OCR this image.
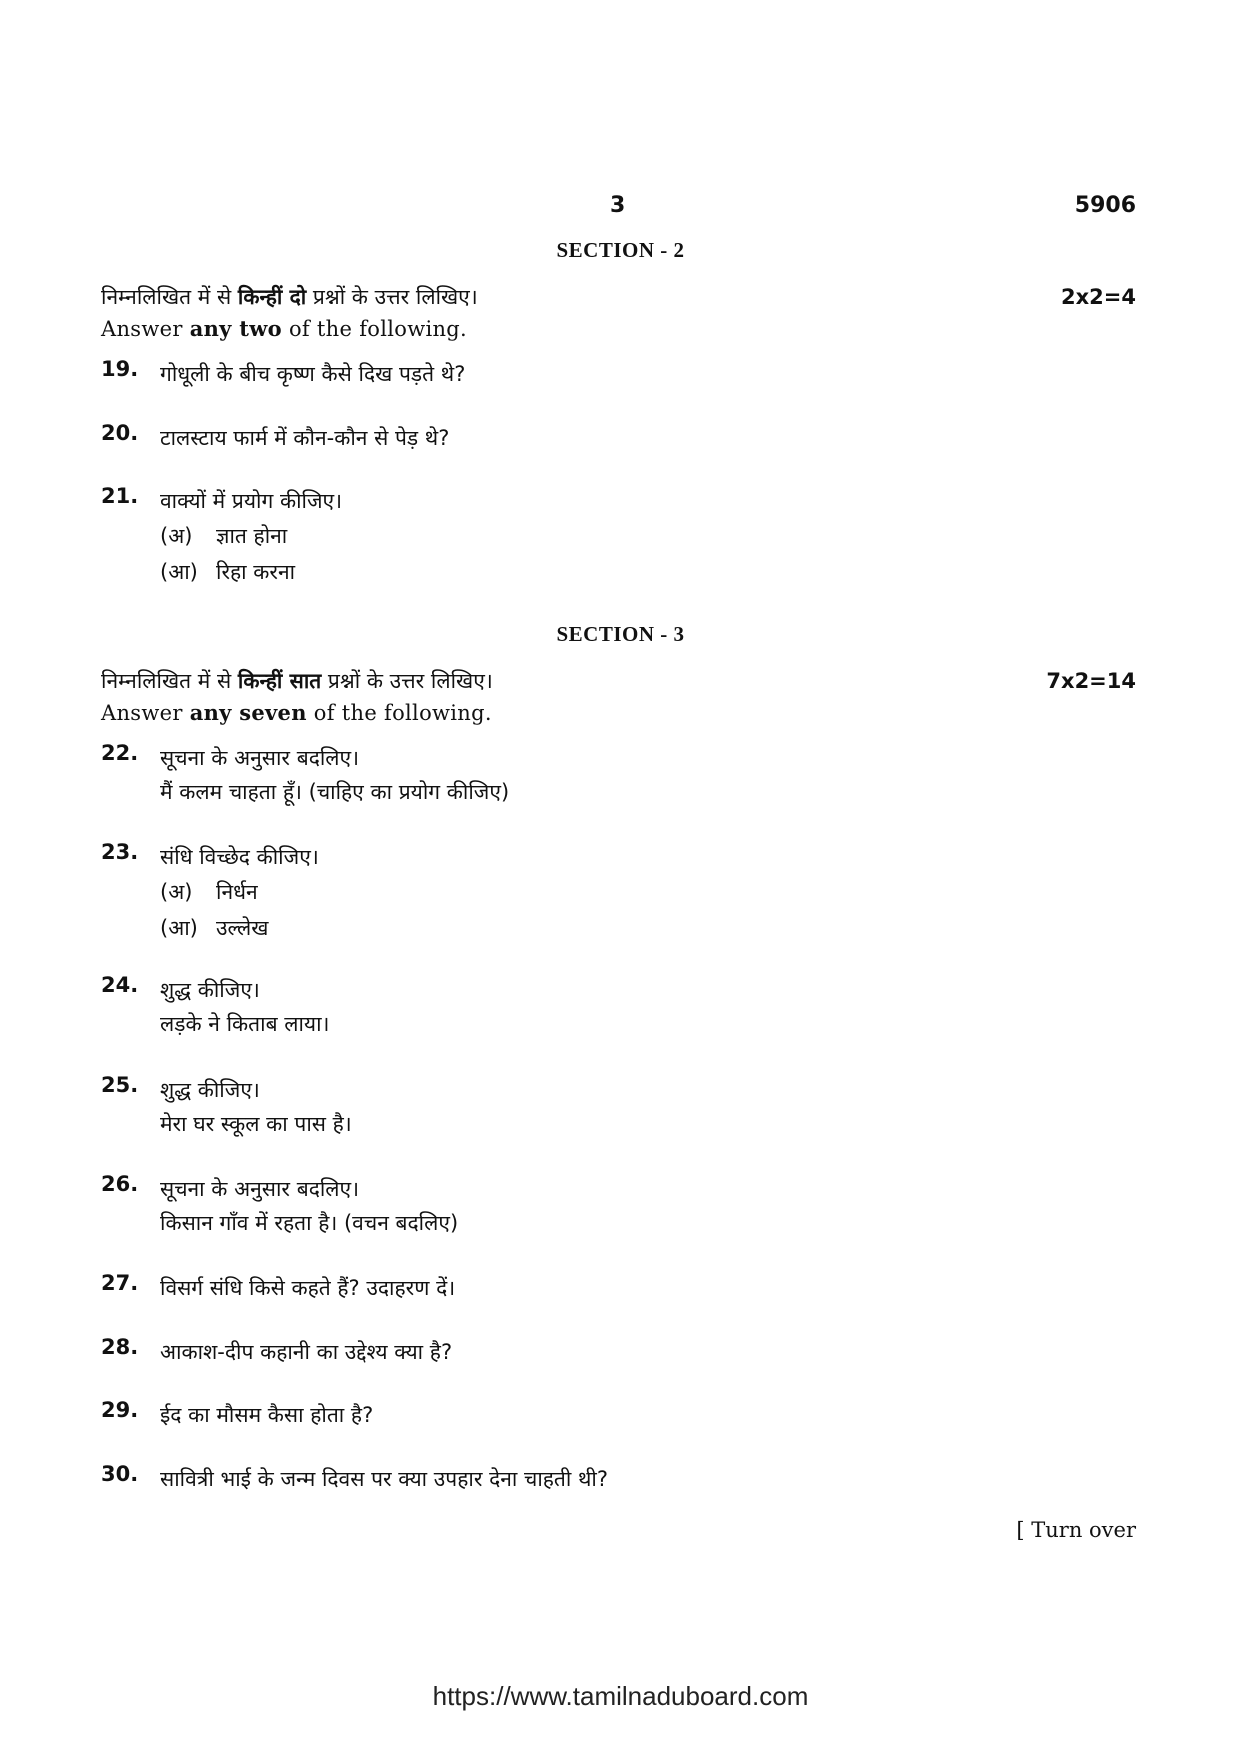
3	5906
SECTION - 2
निम्नलिखित में से किन्हीं दो प्रश्नों के उत्तर लिखिए।	2x2=4
Answer any two of the following.
19. गोधूली के बीच कृष्ण कैसे दिख पड़ते थे?
20. टालस्टाय फार्म में कौन-कौन से पेड़ थे?
21. वाक्यों में प्रयोग कीजिए।
(अ) ज्ञात होना
(आ) रिहा करना
SECTION - 3
निम्नलिखित में से किन्हीं सात प्रश्नों के उत्तर लिखिए।	7x2=14
Answer any seven of the following.
22. सूचना के अनुसार बदलिए।
मैं कलम चाहता हूँ। (चाहिए का प्रयोग कीजिए)
23. संधि विच्छेद कीजिए।
(अ) निर्धन
(आ) उल्लेख
24. शुद्ध कीजिए।
लड़के ने किताब लाया।
25. शुद्ध कीजिए।
मेरा घर स्कूल का पास है।
26. सूचना के अनुसार बदलिए।
किसान गाँव में रहता है। (वचन बदलिए)
27. विसर्ग संधि किसे कहते हैं? उदाहरण दें।
28. आकाश-दीप कहानी का उद्देश्य क्या है?
29. ईद का मौसम कैसा होता है?
30. सावित्री भाई के जन्म दिवस पर क्या उपहार देना चाहती थी?
[ Turn over
https://www.tamilnaduboard.com
